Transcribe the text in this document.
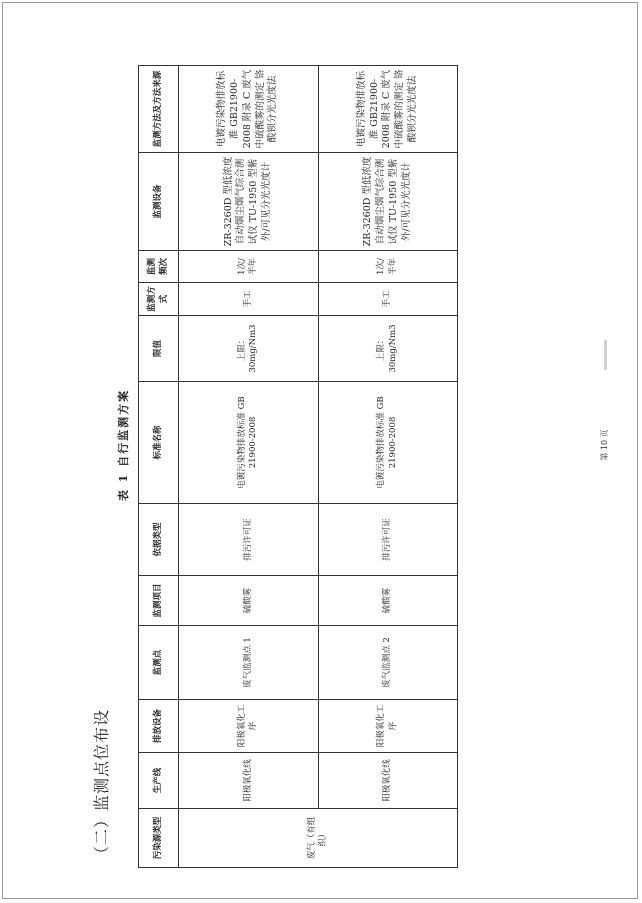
（二）监测点位布设
表 1 自行监测方案
污染源类型	生产线	排放设备	监测点	监测项目	依据类型	标准名称	限值	监测方式	监测频次	监测设备	监测方法及方法来源
废气（有组织）	阳极氧化线	阳极氧化工序	废气监测点 1	硫酸雾	排污许可证	电镀污染物排放标准 GB 21900-2008	上限：30mg/Nm3	手工	1次/半年	ZR-3260D 型低浓度自动烟尘烟气综合测试仪 TU-1950 型紫外/可见分光光度计	电镀污染物排放标准 GB21900-2008 附录 C 废气中硫酸雾的测定 铬酸钡分光光度法
	阳极氧化线	阳极氧化工序	废气监测点 2	硫酸雾	排污许可证	电镀污染物排放标准 GB 21900-2008	上限：30mg/Nm3	手工	1次/半年	ZR-3260D 型低浓度自动烟尘烟气综合测试仪 TU-1950 型紫外/可见分光光度计	电镀污染物排放标准 GB21900-2008 附录 C 废气中硫酸雾的测定 铬酸钡分光光度法
第 10 页
